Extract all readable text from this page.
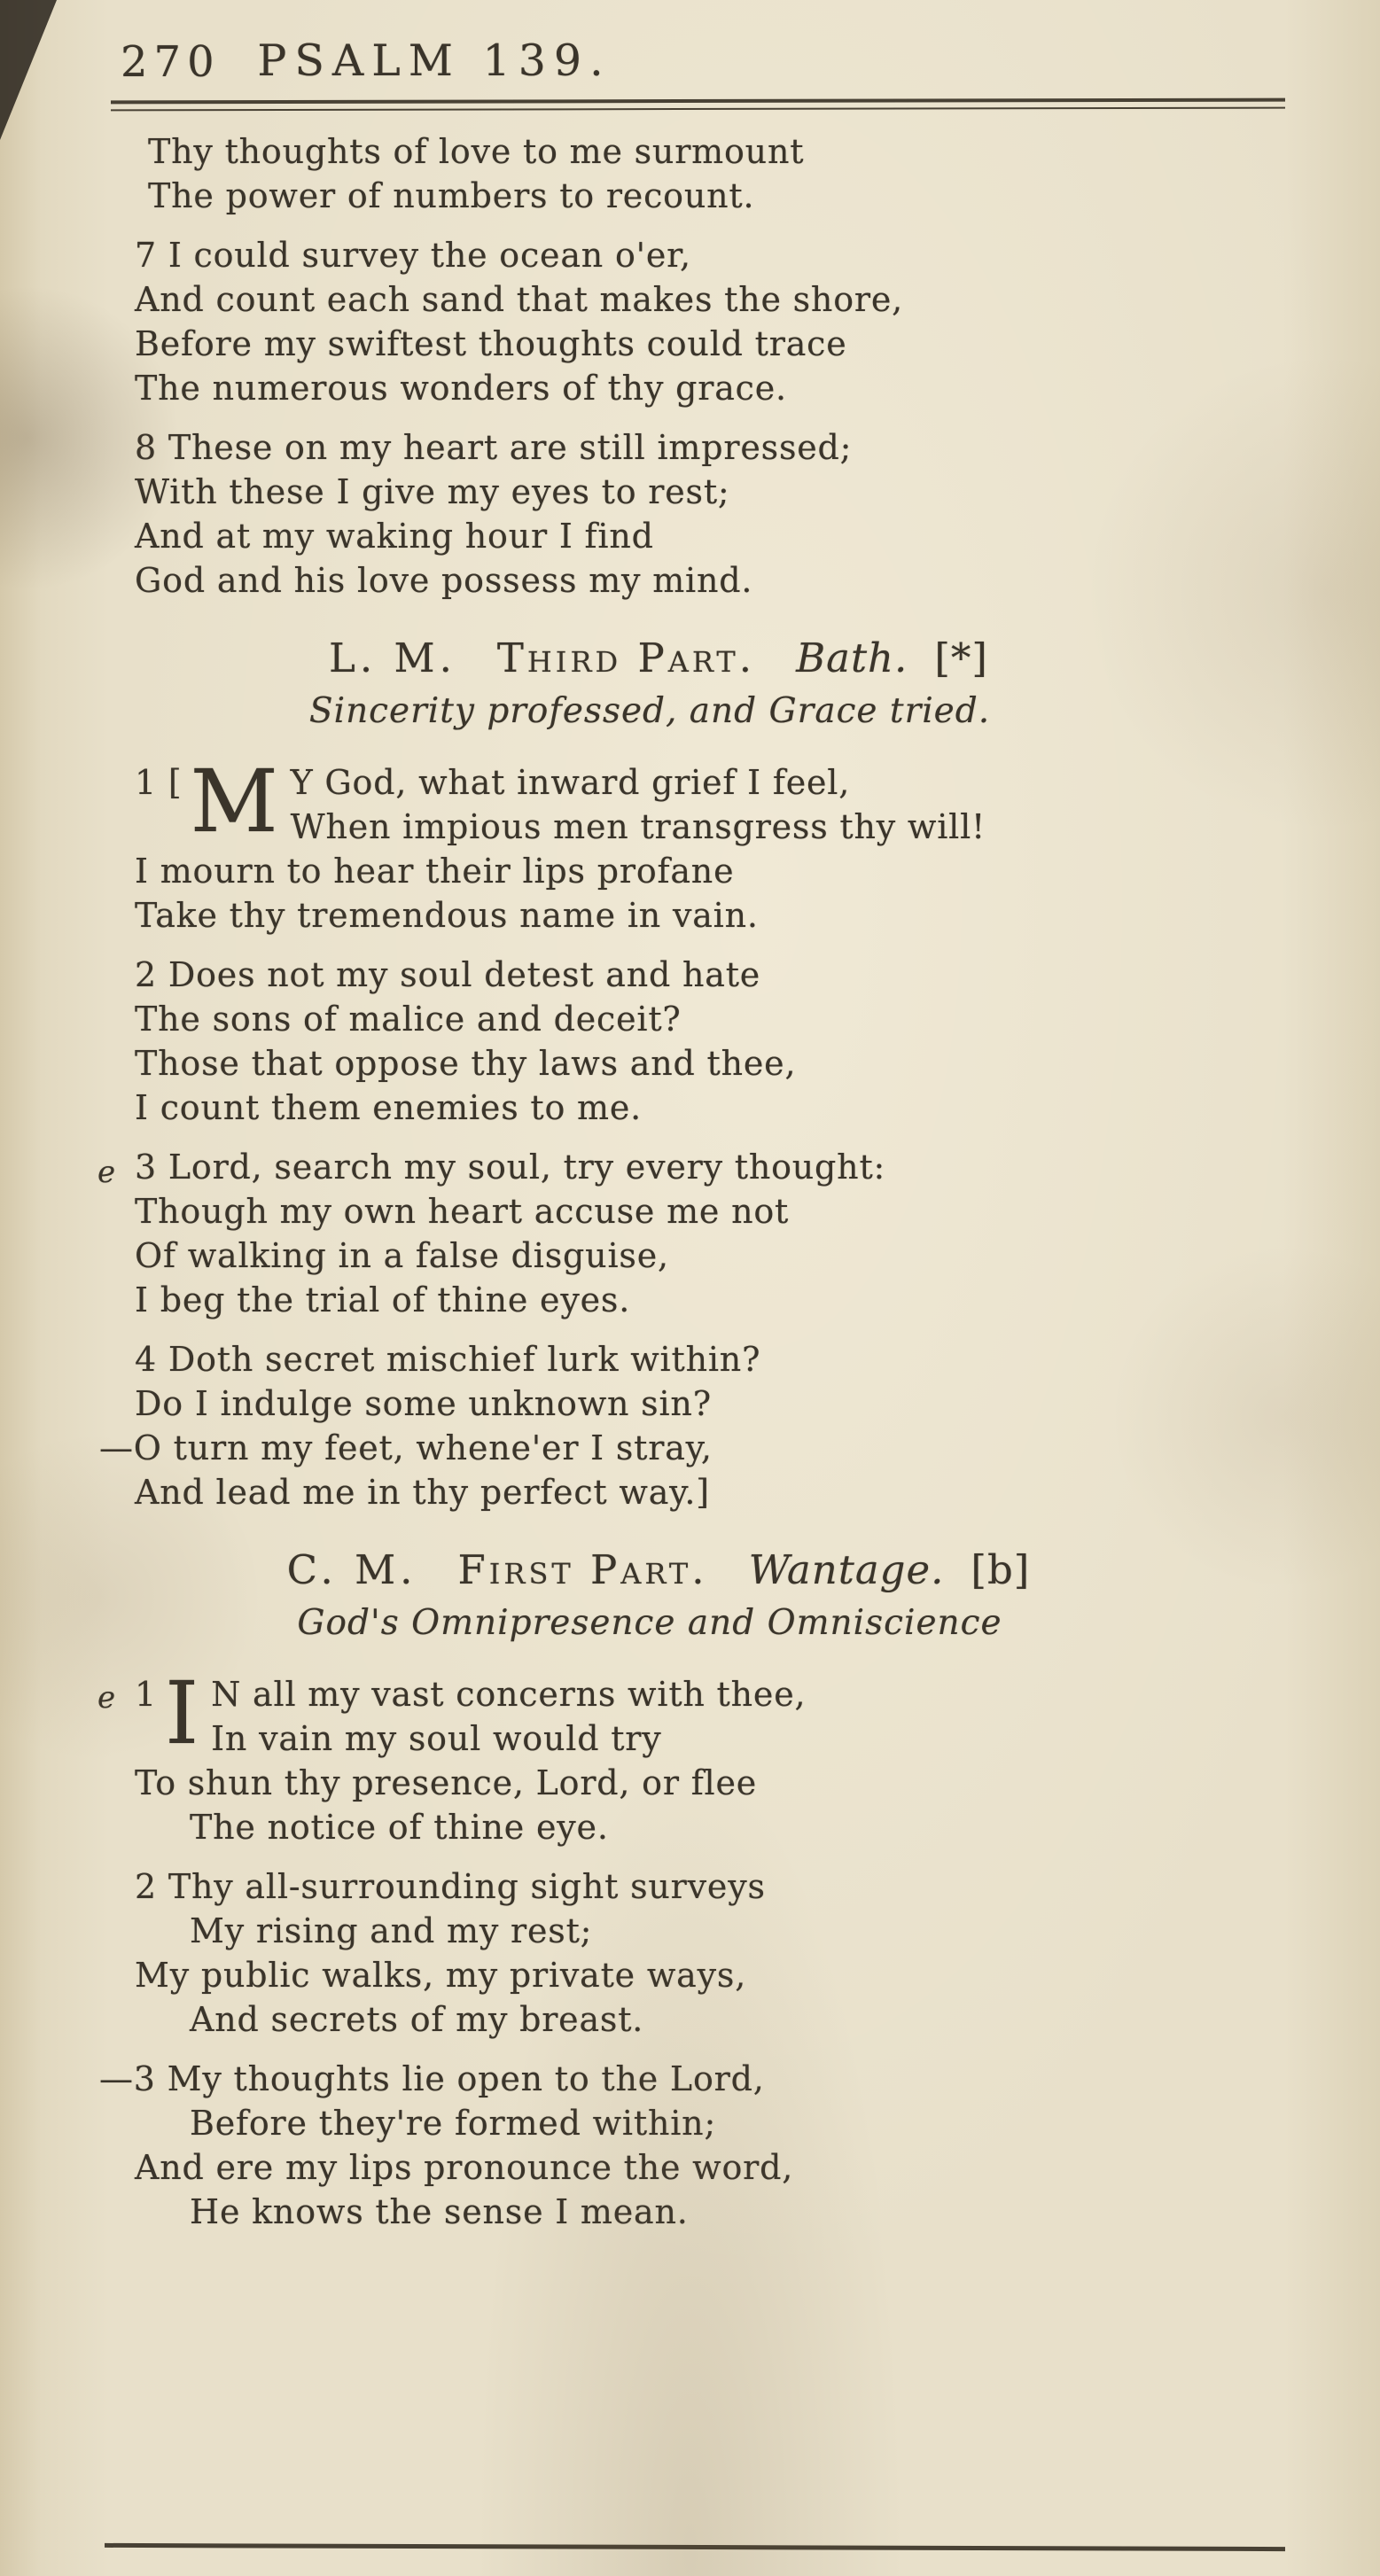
270 PSALM 139.
Thy thoughts of love to me surmount
The power of numbers to recount.
7 I could survey the ocean o'er,
And count each sand that makes the shore,
Before my swiftest thoughts could trace
The numerous wonders of thy grace.
8 These on my heart are still impressed;
With these I give my eyes to rest;
And at my waking hour I find
God and his love possess my mind.
L. M. Third Part. Bath. [*]
Sincerity professed, and Grace tried.
1 [ M Y God, what inward grief I feel,
When impious men transgress thy will!
I mourn to hear their lips profane
Take thy tremendous name in vain.
2 Does not my soul detest and hate
The sons of malice and deceit?
Those that oppose thy laws and thee,
I count them enemies to me.
e 3 Lord, search my soul, try every thought:
Though my own heart accuse me not
Of walking in a false disguise,
I beg the trial of thine eyes.
4 Doth secret mischief lurk within?
Do I indulge some unknown sin?
—O turn my feet, whene'er I stray,
And lead me in thy perfect way.]
C. M. First Part. Wantage. [b]
God's Omnipresence and Omniscience
e 1 I N all my vast concerns with thee,
In vain my soul would try
To shun thy presence, Lord, or flee
The notice of thine eye.
2 Thy all-surrounding sight surveys
My rising and my rest;
My public walks, my private ways,
And secrets of my breast.
—3 My thoughts lie open to the Lord,
Before they're formed within;
And ere my lips pronounce the word,
He knows the sense I mean.
